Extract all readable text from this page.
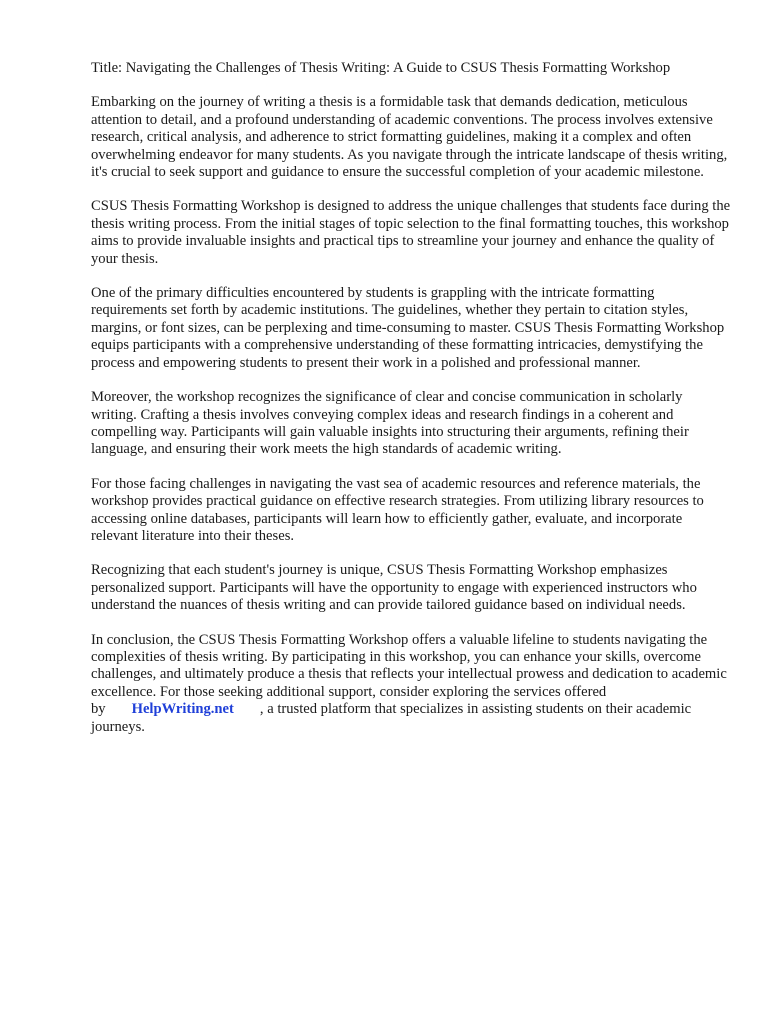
Title: Navigating the Challenges of Thesis Writing: A Guide to CSUS Thesis Formatting Workshop

Embarking on the journey of writing a thesis is a formidable task that demands dedication, meticulous attention to detail, and a profound understanding of academic conventions. The process involves extensive research, critical analysis, and adherence to strict formatting guidelines, making it a complex and often overwhelming endeavor for many students. As you navigate through the intricate landscape of thesis writing, it's crucial to seek support and guidance to ensure the successful completion of your academic milestone.

CSUS Thesis Formatting Workshop is designed to address the unique challenges that students face during the thesis writing process. From the initial stages of topic selection to the final formatting touches, this workshop aims to provide invaluable insights and practical tips to streamline your journey and enhance the quality of your thesis.

One of the primary difficulties encountered by students is grappling with the intricate formatting requirements set forth by academic institutions. The guidelines, whether they pertain to citation styles, margins, or font sizes, can be perplexing and time-consuming to master. CSUS Thesis Formatting Workshop equips participants with a comprehensive understanding of these formatting intricacies, demystifying the process and empowering students to present their work in a polished and professional manner.

Moreover, the workshop recognizes the significance of clear and concise communication in scholarly writing. Crafting a thesis involves conveying complex ideas and research findings in a coherent and compelling way. Participants will gain valuable insights into structuring their arguments, refining their language, and ensuring their work meets the high standards of academic writing.

For those facing challenges in navigating the vast sea of academic resources and reference materials, the workshop provides practical guidance on effective research strategies. From utilizing library resources to accessing online databases, participants will learn how to efficiently gather, evaluate, and incorporate relevant literature into their theses.

Recognizing that each student's journey is unique, CSUS Thesis Formatting Workshop emphasizes personalized support. Participants will have the opportunity to engage with experienced instructors who understand the nuances of thesis writing and can provide tailored guidance based on individual needs.

In conclusion, the CSUS Thesis Formatting Workshop offers a valuable lifeline to students navigating the complexities of thesis writing. By participating in this workshop, you can enhance your skills, overcome challenges, and ultimately produce a thesis that reflects your intellectual prowess and dedication to academic excellence. For those seeking additional support, consider exploring the services offered by HelpWriting.net , a trusted platform that specializes in assisting students on their academic journeys.
